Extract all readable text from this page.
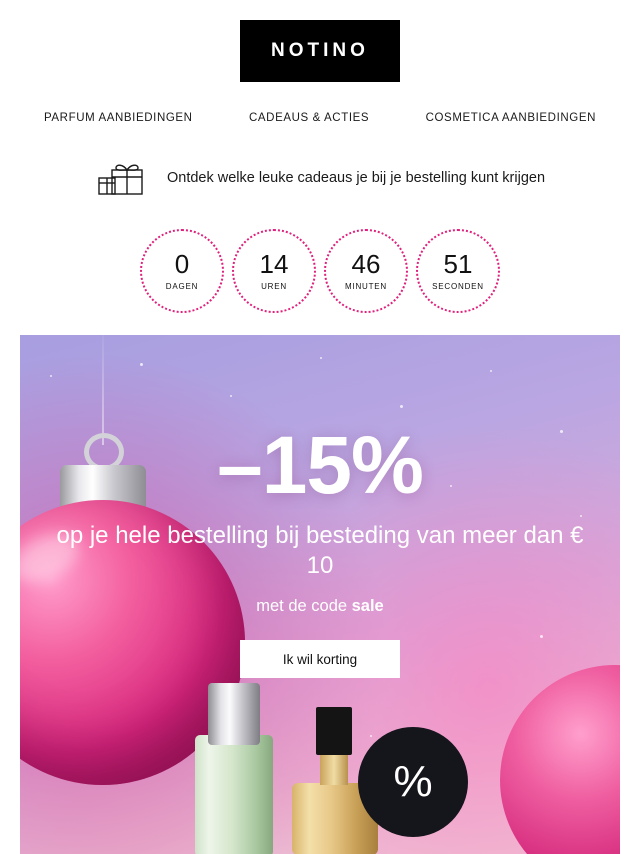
NOTINO
PARFUM AANBIEDINGEN	CADEAUS & ACTIES	COSMETICA AANBIEDINGEN
Ontdek welke leuke cadeaus je bij je bestelling kunt krijgen
0
DAGEN
14
UREN
46
MINUTEN
51
SECONDEN
–15%
op je hele bestelling bij besteding van meer dan € 10
met de code sale
Ik wil korting
%
